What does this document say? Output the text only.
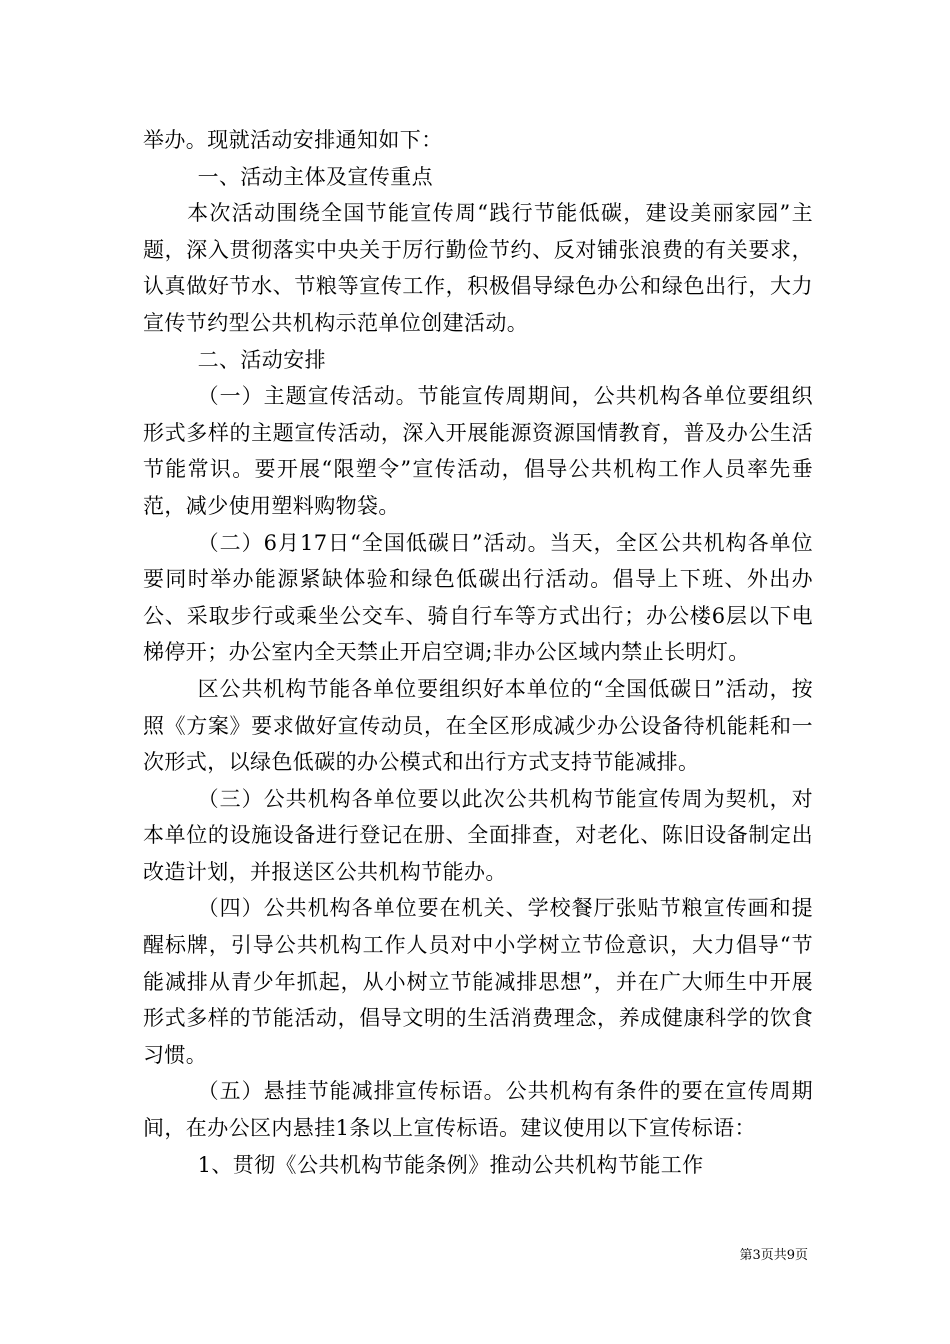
举办。现就活动安排通知如下：

一、活动主体及宣传重点

本次活动围绕全国节能宣传周“践行节能低碳，建设美丽家园”主题，深入贯彻落实中央关于厉行勤俭节约、反对铺张浪费的有关要求，认真做好节水、节粮等宣传工作，积极倡导绿色办公和绿色出行，大力宣传节约型公共机构示范单位创建活动。

二、活动安排

（一）主题宣传活动。节能宣传周期间，公共机构各单位要组织形式多样的主题宣传活动，深入开展能源资源国情教育，普及办公生活节能常识。要开展“限塑令”宣传活动，倡导公共机构工作人员率先垂范，减少使用塑料购物袋。

（二）6月17日“全国低碳日”活动。当天，全区公共机构各单位要同时举办能源紧缺体验和绿色低碳出行活动。倡导上下班、外出办公、采取步行或乘坐公交车、骑自行车等方式出行；办公楼6层以下电梯停开；办公室内全天禁止开启空调;非办公区域内禁止长明灯。

区公共机构节能各单位要组织好本单位的“全国低碳日”活动，按照《方案》要求做好宣传动员，在全区形成减少办公设备待机能耗和一次形式，以绿色低碳的办公模式和出行方式支持节能减排。

（三）公共机构各单位要以此次公共机构节能宣传周为契机，对本单位的设施设备进行登记在册、全面排查，对老化、陈旧设备制定出改造计划，并报送区公共机构节能办。

（四）公共机构各单位要在机关、学校餐厅张贴节粮宣传画和提醒标牌，引导公共机构工作人员对中小学树立节俭意识，大力倡导“节能减排从青少年抓起，从小树立节能减排思想”，并在广大师生中开展形式多样的节能活动，倡导文明的生活消费理念，养成健康科学的饮食习惯。

（五）悬挂节能减排宣传标语。公共机构有条件的要在宣传周期间，在办公区内悬挂1条以上宣传标语。建议使用以下宣传标语：

1、贯彻《公共机构节能条例》推动公共机构节能工作

第3页共9页
